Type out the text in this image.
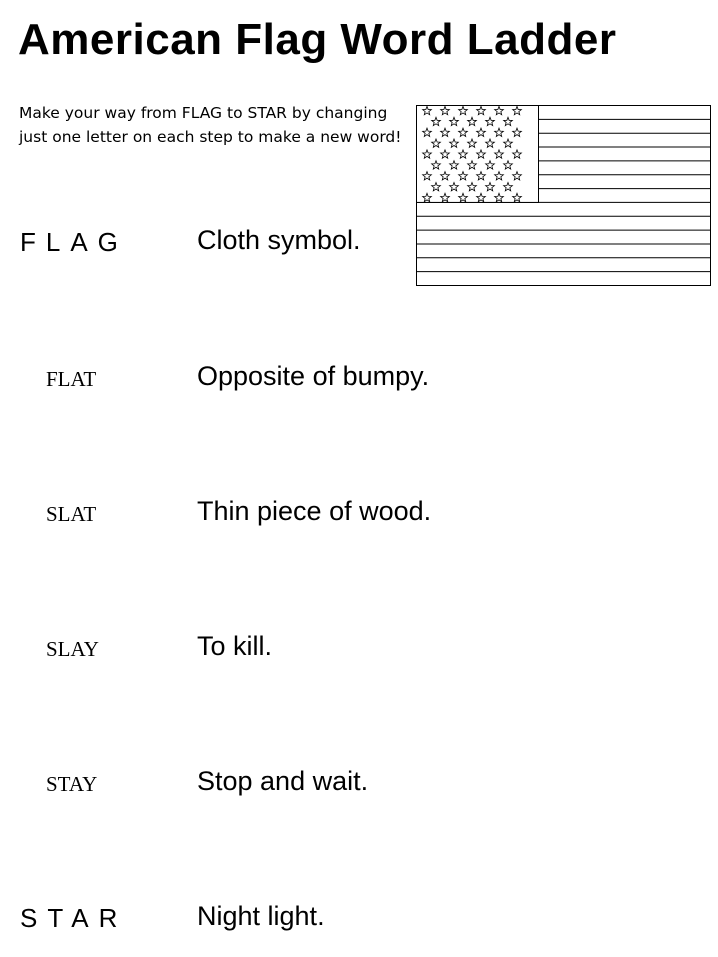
American Flag Word Ladder
Make your way from FLAG to STAR by changing just one letter on each step to make a new word!
FLAG	Cloth symbol.
FLAT	Opposite of bumpy.
SLAT	Thin piece of wood.
SLAY	To kill.
STAY	Stop and wait.
STAR	Night light.
